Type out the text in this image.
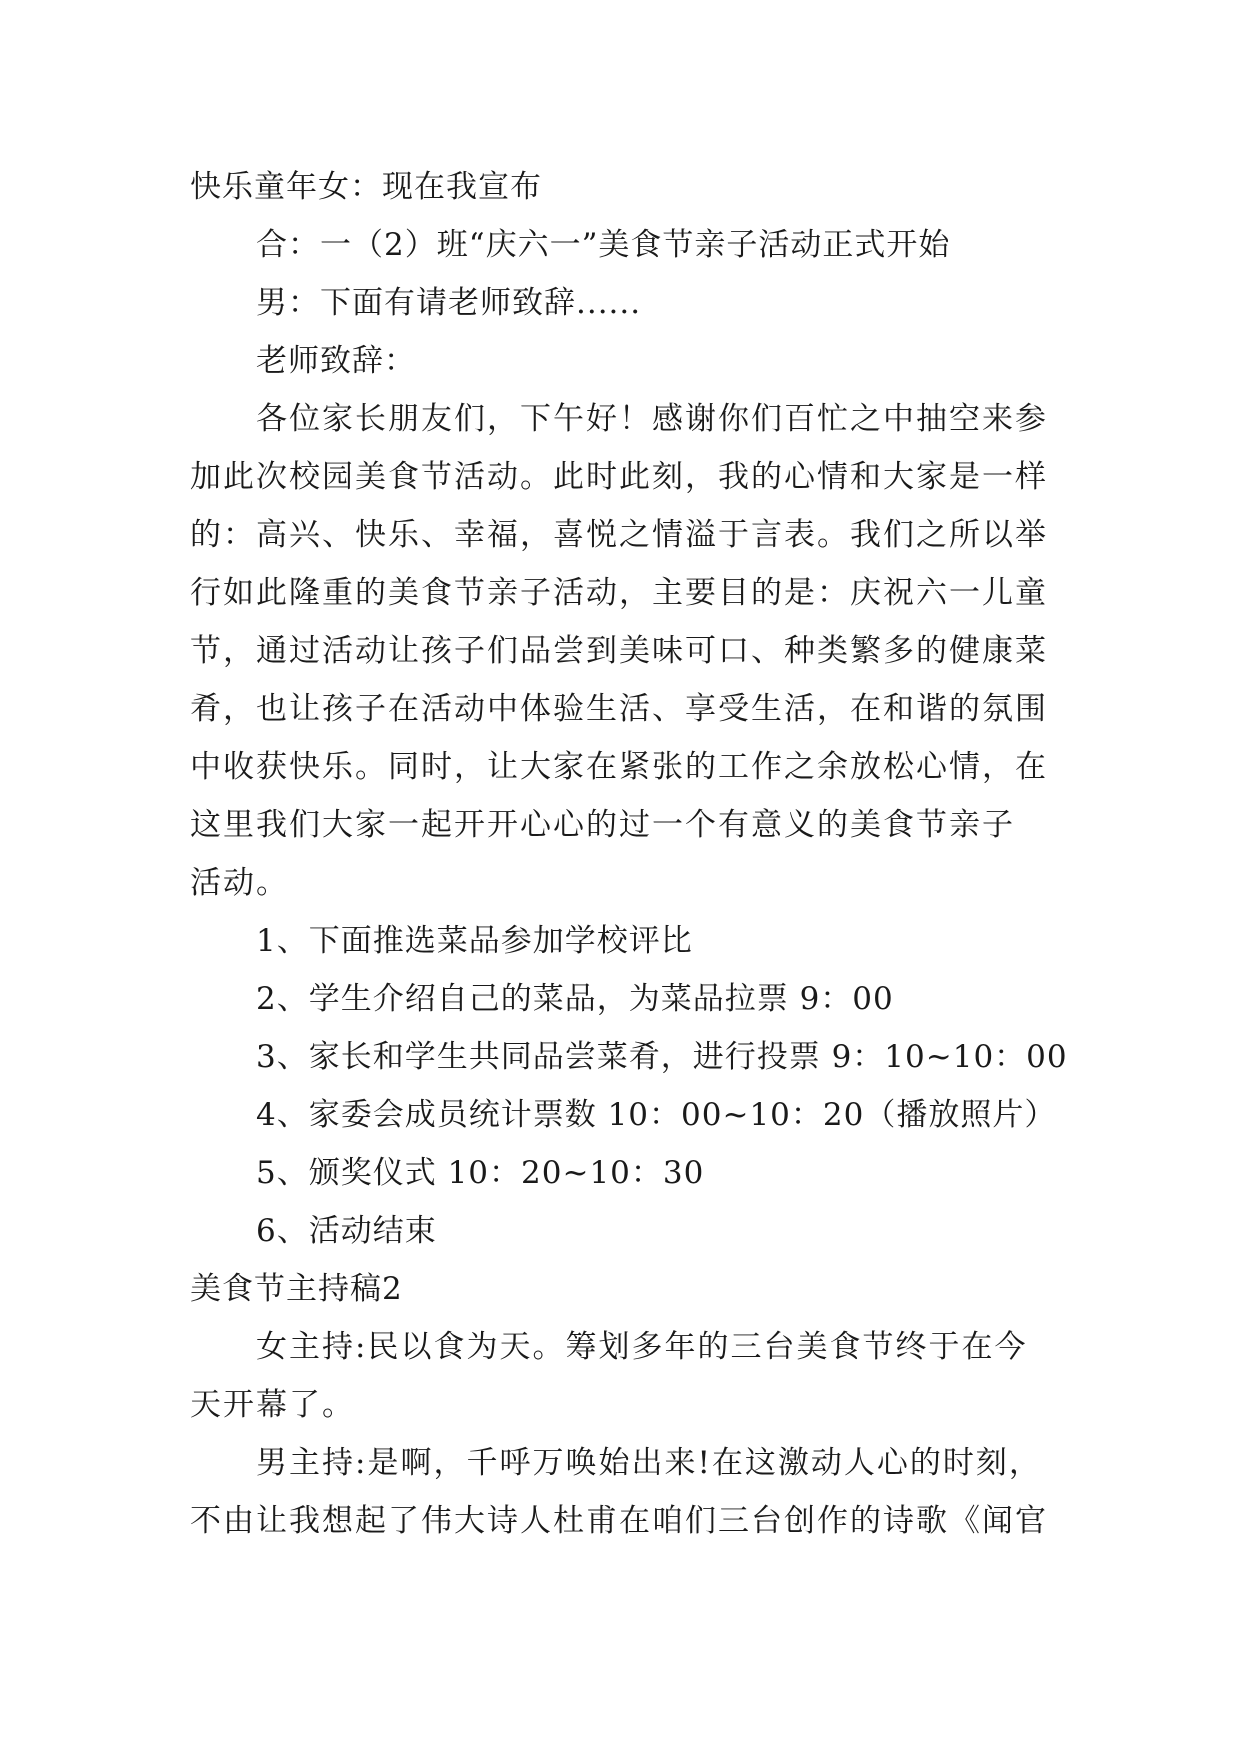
快乐童年女：现在我宣布
合：一（2）班“庆六一”美食节亲子活动正式开始
男：下面有请老师致辞......
老师致辞：
各位家长朋友们，下午好！感谢你们百忙之中抽空来参
加此次校园美食节活动。此时此刻，我的心情和大家是一样
的：高兴、快乐、幸福，喜悦之情溢于言表。我们之所以举
行如此隆重的美食节亲子活动，主要目的是：庆祝六一儿童
节，通过活动让孩子们品尝到美味可口、种类繁多的健康菜
肴，也让孩子在活动中体验生活、享受生活，在和谐的氛围
中收获快乐。同时，让大家在紧张的工作之余放松心情，在
这里我们大家一起开开心心的过一个有意义的美食节亲子
活动。
1、下面推选菜品参加学校评比
2、学生介绍自己的菜品，为菜品拉票 9：00
3、家长和学生共同品尝菜肴，进行投票 9：10~10：00
4、家委会成员统计票数 10：00~10：20（播放照片）
5、颁奖仪式 10：20~10：30
6、活动结束
美食节主持稿2
女主持:民以食为天。筹划多年的三台美食节终于在今
天开幕了。
男主持:是啊，千呼万唤始出来!在这激动人心的时刻，
不由让我想起了伟大诗人杜甫在咱们三台创作的诗歌《闻官
